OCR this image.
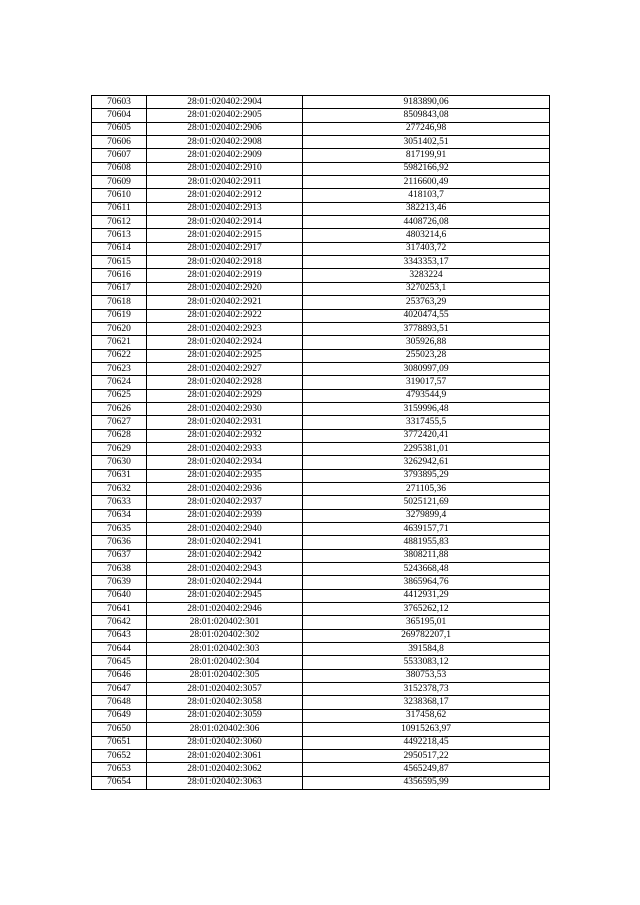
70603	28:01:020402:2904	9183890,06
70604	28:01:020402:2905	8509843,08
70605	28:01:020402:2906	277246,98
70606	28:01:020402:2908	3051402,51
70607	28:01:020402:2909	817199,91
70608	28:01:020402:2910	5982166,92
70609	28:01:020402:2911	2116600,49
70610	28:01:020402:2912	418103,7
70611	28:01:020402:2913	382213,46
70612	28:01:020402:2914	4408726,08
70613	28:01:020402:2915	4803214,6
70614	28:01:020402:2917	317403,72
70615	28:01:020402:2918	3343353,17
70616	28:01:020402:2919	3283224
70617	28:01:020402:2920	3270253,1
70618	28:01:020402:2921	253763,29
70619	28:01:020402:2922	4020474,55
70620	28:01:020402:2923	3778893,51
70621	28:01:020402:2924	305926,88
70622	28:01:020402:2925	255023,28
70623	28:01:020402:2927	3080997,09
70624	28:01:020402:2928	319017,57
70625	28:01:020402:2929	4793544,9
70626	28:01:020402:2930	3159996,48
70627	28:01:020402:2931	3317455,5
70628	28:01:020402:2932	3772420,41
70629	28:01:020402:2933	2295381,01
70630	28:01:020402:2934	3262942,61
70631	28:01:020402:2935	3793895,29
70632	28:01:020402:2936	271105,36
70633	28:01:020402:2937	5025121,69
70634	28:01:020402:2939	3279899,4
70635	28:01:020402:2940	4639157,71
70636	28:01:020402:2941	4881955,83
70637	28:01:020402:2942	3808211,88
70638	28:01:020402:2943	5243668,48
70639	28:01:020402:2944	3865964,76
70640	28:01:020402:2945	4412931,29
70641	28:01:020402:2946	3765262,12
70642	28:01:020402:301	365195,01
70643	28:01:020402:302	269782207,1
70644	28:01:020402:303	391584,8
70645	28:01:020402:304	5533083,12
70646	28:01:020402:305	380753,53
70647	28:01:020402:3057	3152378,73
70648	28:01:020402:3058	3238368,17
70649	28:01:020402:3059	317458,62
70650	28:01:020402:306	10915263,97
70651	28:01:020402:3060	4492218,45
70652	28:01:020402:3061	2950517,22
70653	28:01:020402:3062	4565249,87
70654	28:01:020402:3063	4356595,99
